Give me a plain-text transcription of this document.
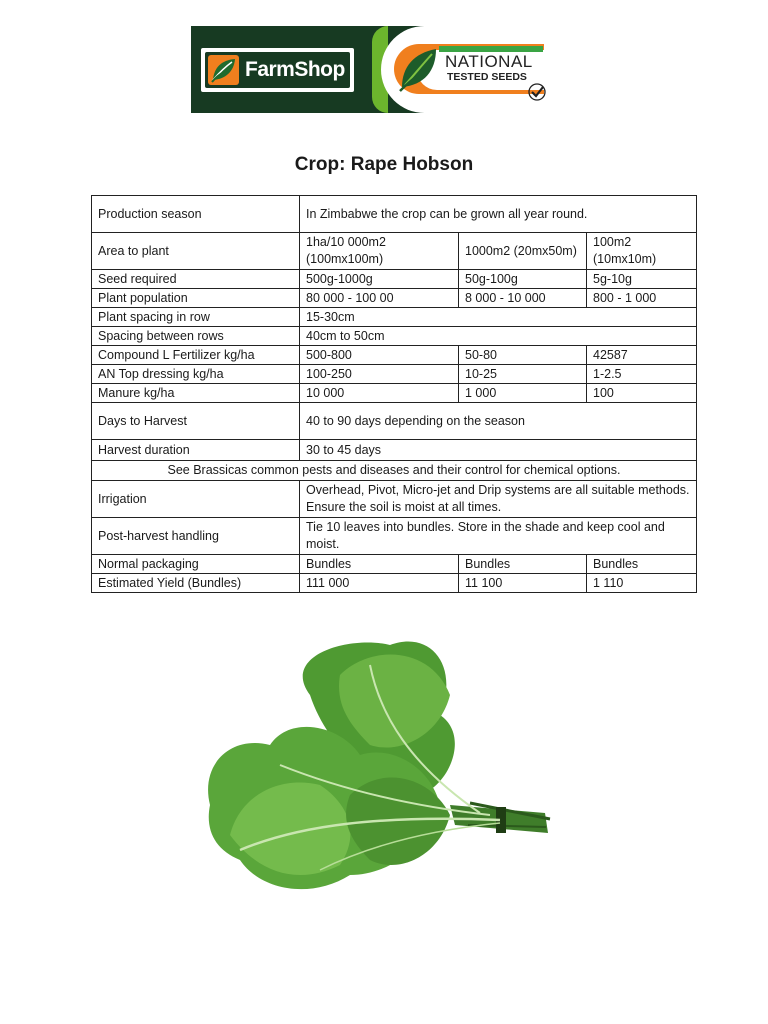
FarmShop	NATIONAL
TESTED SEEDS
Crop: Rape Hobson
Production season	In Zimbabwe the crop can be grown all year round.		
Area to plant	1ha/10 000m2 (100mx100m)	1000m2 (20mx50m)	100m2 (10mx10m)
Seed required	500g-1000g	50g-100g	5g-10g
Plant population	80 000 - 100 00	8 000 - 10 000	800 - 1 000
Plant spacing in row	15-30cm		
Spacing between rows	40cm to 50cm		
Compound L Fertilizer kg/ha	500-800	50-80	42587
AN Top dressing kg/ha	100-250	10-25	1-2.5
Manure kg/ha	10 000	1 000	100
Days to Harvest	40 to 90 days depending on the season		
Harvest duration	30 to 45 days		
See Brassicas common pests and diseases and their control for chemical options.			
Irrigation	Overhead, Pivot, Micro-jet and Drip systems are all suitable methods. Ensure the soil is moist at all times.		
Post-harvest handling	Tie 10 leaves into bundles. Store in the shade and keep cool and moist.		
Normal packaging	Bundles	Bundles	Bundles
Estimated Yield (Bundles)	111 000	11 100	1 110
